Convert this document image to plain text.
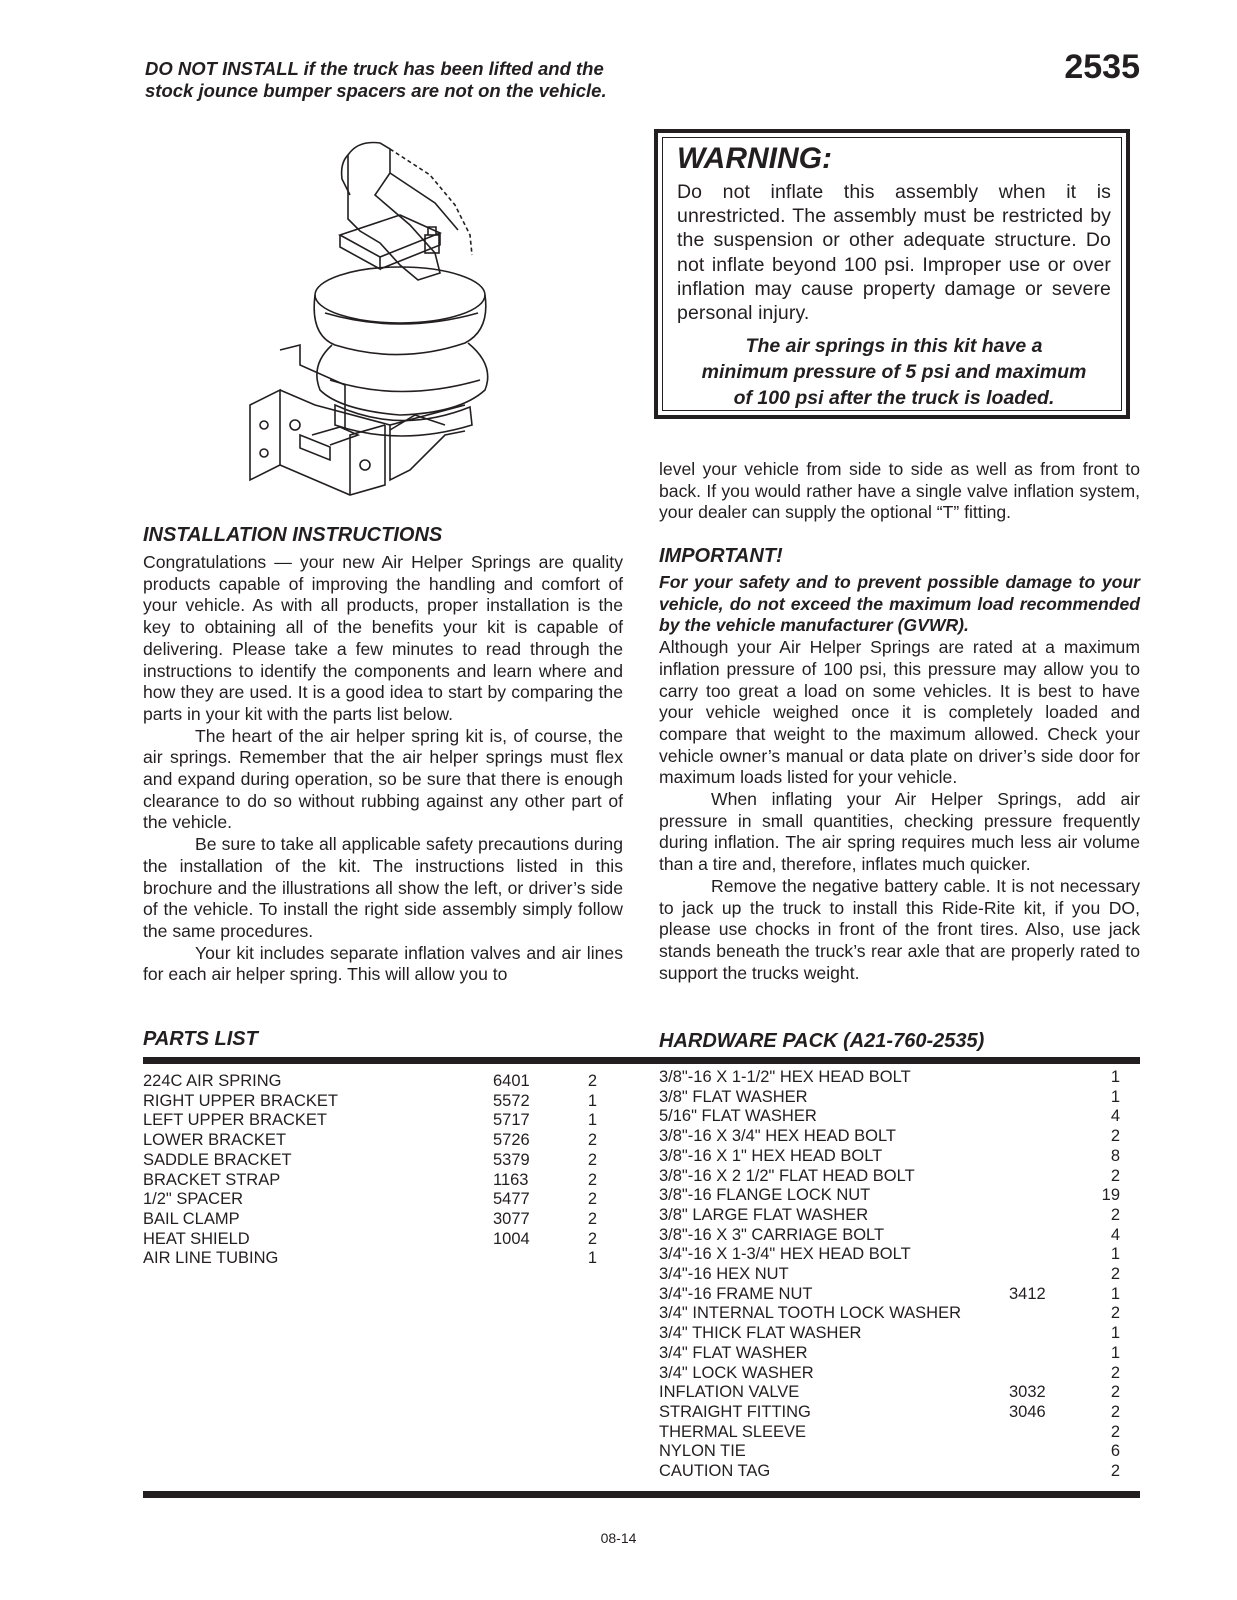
DO NOT INSTALL if the truck has been lifted and the stock jounce bumper spacers are not on the vehicle.
2535
WARNING:
Do not inflate this assembly when it is unrestricted. The assembly must be restricted by the suspension or other adequate structure. Do not inflate beyond 100 psi. Improper use or over inflation may cause property damage or severe personal injury.
The air springs in this kit have a
minimum pressure of 5 psi and maximum
of 100 psi after the truck is loaded.
INSTALLATION INSTRUCTIONS

Congratulations — your new Air Helper Springs are quality products capable of improving the handling and comfort of your vehicle. As with all products, proper installation is the key to obtaining all of the benefits your kit is capable of delivering. Please take a few minutes to read through the instructions to identify the components and learn where and how they are used. It is a good idea to start by comparing the parts in your kit with the parts list below.

The heart of the air helper spring kit is, of course, the air springs. Remember that the air helper springs must flex and expand during operation, so be sure that there is enough clearance to do so without rubbing against any other part of the vehicle.

Be sure to take all applicable safety precautions during the installation of the kit. The instructions listed in this brochure and the illustrations all show the left, or driver’s side of the vehicle. To install the right side assembly simply follow the same procedures.

Your kit includes separate inflation valves and air lines for each air helper spring. This will allow you to

level your vehicle from side to side as well as from front to back. If you would rather have a single valve inflation system, your dealer can supply the optional “T” fitting.
IMPORTANT!

For your safety and to prevent possible damage to your vehicle, do not exceed the maximum load recommended by the vehicle manufacturer (GVWR).

Although your Air Helper Springs are rated at a maximum inflation pressure of 100 psi, this pressure may allow you to carry too great a load on some vehicles. It is best to have your vehicle weighed once it is completely loaded and compare that weight to the maximum allowed. Check your vehicle owner’s manual or data plate on driver’s side door for maximum loads listed for your vehicle.

When inflating your Air Helper Springs, add air pressure in small quantities, checking pressure frequently during inflation. The air spring requires much less air volume than a tire and, therefore, inflates much quicker.

Remove the negative battery cable. It is not necessary to jack up the truck to install this Ride-Rite kit, if you DO, please use chocks in front of the front tires. Also, use jack stands beneath the truck’s rear axle that are properly rated to support the trucks weight.

PARTS LIST	HARDWARE PACK (A21-760-2535)
224C AIR SPRING	6401	2
RIGHT UPPER BRACKET	5572	1
LEFT UPPER BRACKET	5717	1
LOWER BRACKET	5726	2
SADDLE BRACKET	5379	2
BRACKET STRAP	1163	2
1/2" SPACER	5477	2
BAIL CLAMP	3077	2
HEAT SHIELD	1004	2
AIR LINE TUBING		1
3/8"-16 X 1-1/2" HEX HEAD BOLT		1
3/8" FLAT WASHER		1
5/16" FLAT WASHER		4
3/8"-16 X 3/4" HEX HEAD BOLT		2
3/8"-16 X 1" HEX HEAD BOLT		8
3/8"-16 X 2 1/2" FLAT HEAD BOLT		2
3/8"-16 FLANGE LOCK NUT		19
3/8" LARGE FLAT WASHER		2
3/8"-16 X 3" CARRIAGE BOLT		4
3/4"-16 X 1-3/4" HEX HEAD BOLT		1
3/4"-16 HEX NUT		2
3/4"-16 FRAME NUT	3412	1
3/4" INTERNAL TOOTH LOCK WASHER		2
3/4" THICK FLAT WASHER		1
3/4" FLAT WASHER		1
3/4" LOCK WASHER		2
INFLATION VALVE	3032	2
STRAIGHT FITTING	3046	2
THERMAL SLEEVE		2
NYLON TIE		6
CAUTION TAG		2
08-14
